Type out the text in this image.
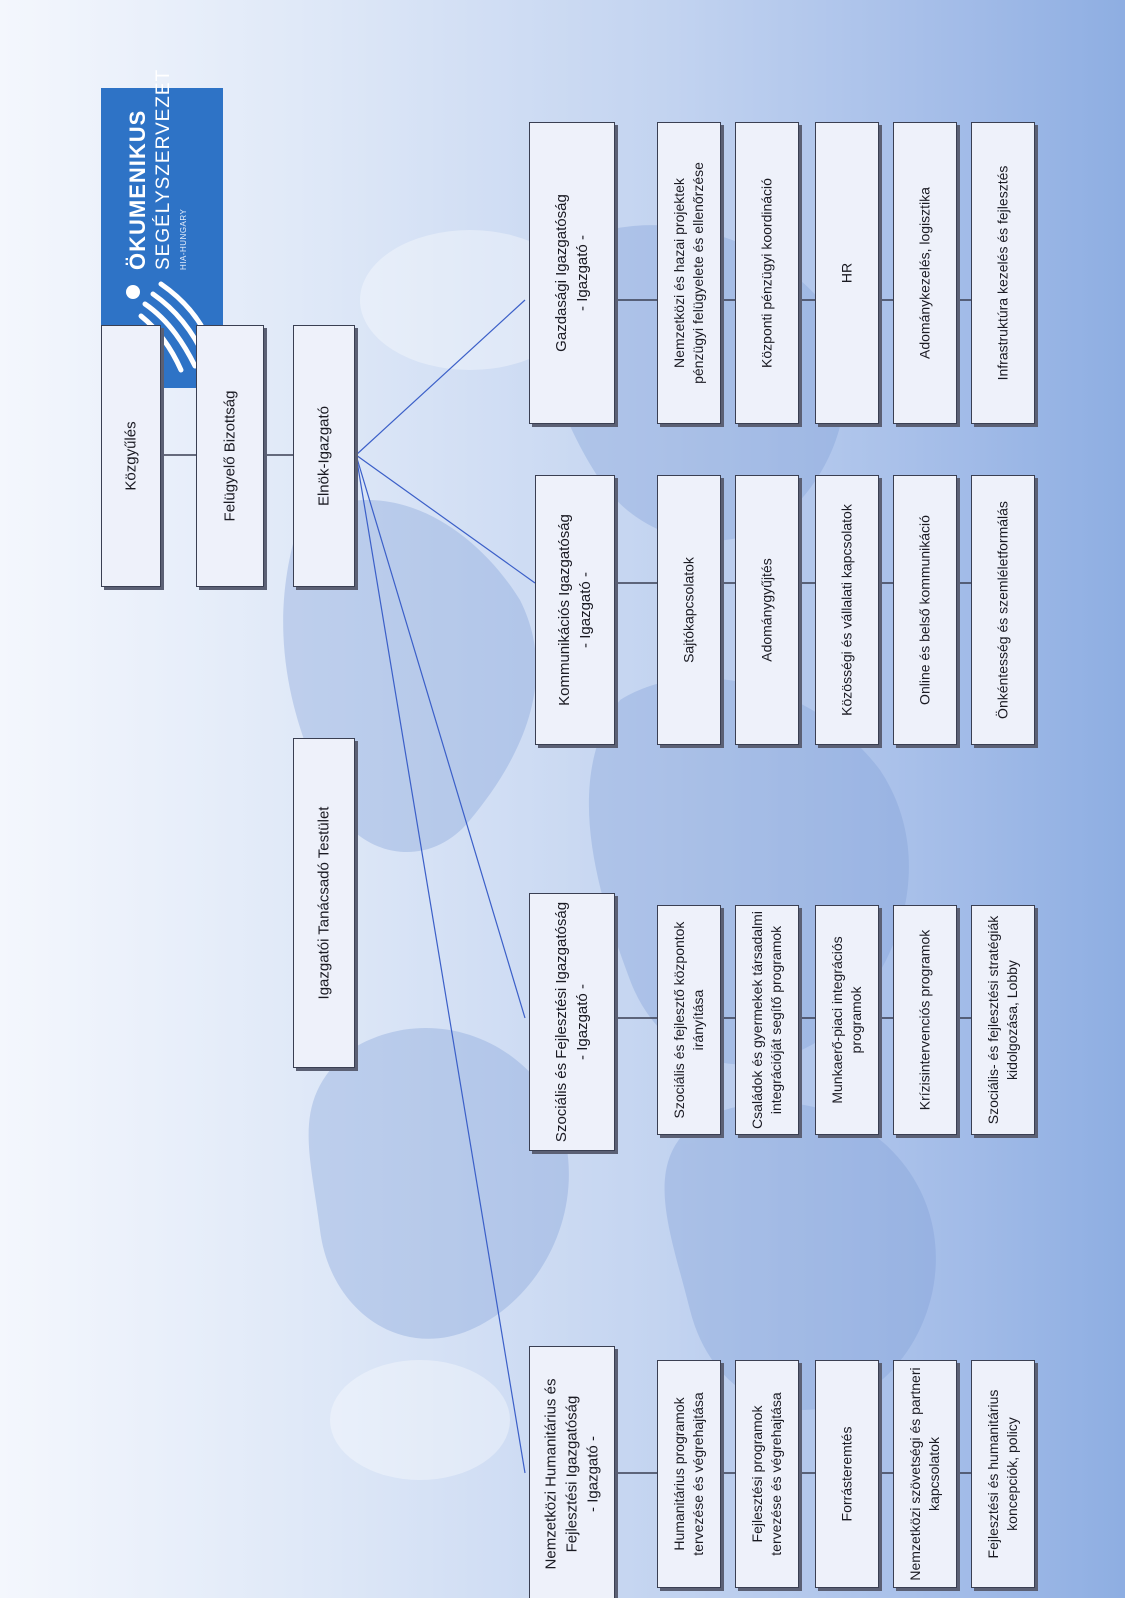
ÖKUMENIKUS SEGÉLYSZERVEZET HIA-HUNGARY
Közgyűlés	Felügyelő Bizottság	Elnök-Igazgató
Igazgatói Tanácsadó Testület
Nemzetközi Humanitárius és
Fejlesztési Igazgatóság
- Igazgató -
Humanitárius programok
tervezése és végrehajtása
Fejlesztési programok
tervezése és végrehajtása	Forrásteremtés
Nemzetközi szövetségi és partneri
kapcsolatok
Fejlesztési és humanitárius
koncepciók, policy
Szociális és Fejlesztési Igazgatóság
- Igazgató -
Szociális és fejlesztő központok
irányítása
Családok és gyermekek társadalmi
integrációját segítő programok
Munkaerő-piaci integrációs
programok	Krízisintervenciós programok	Szociális- és fejlesztési stratégiák
kidolgozása, Lobby
Kommunikációs Igazgatóság
- Igazgató -	Sajtókapcsolatok	Adománygyűjtés	Közösségi és vállalati kapcsolatok	Online és belső kommunikáció	Önkéntesség és szemléletformálás
Gazdasági Igazgatóság
- Igazgató -
Nemzetközi és hazai projektek
pénzügyi felügyelete és ellenőrzése	Központi pénzügyi koordináció	HR	Adománykezelés, logisztika	Infrastruktúra kezelés és fejlesztés
